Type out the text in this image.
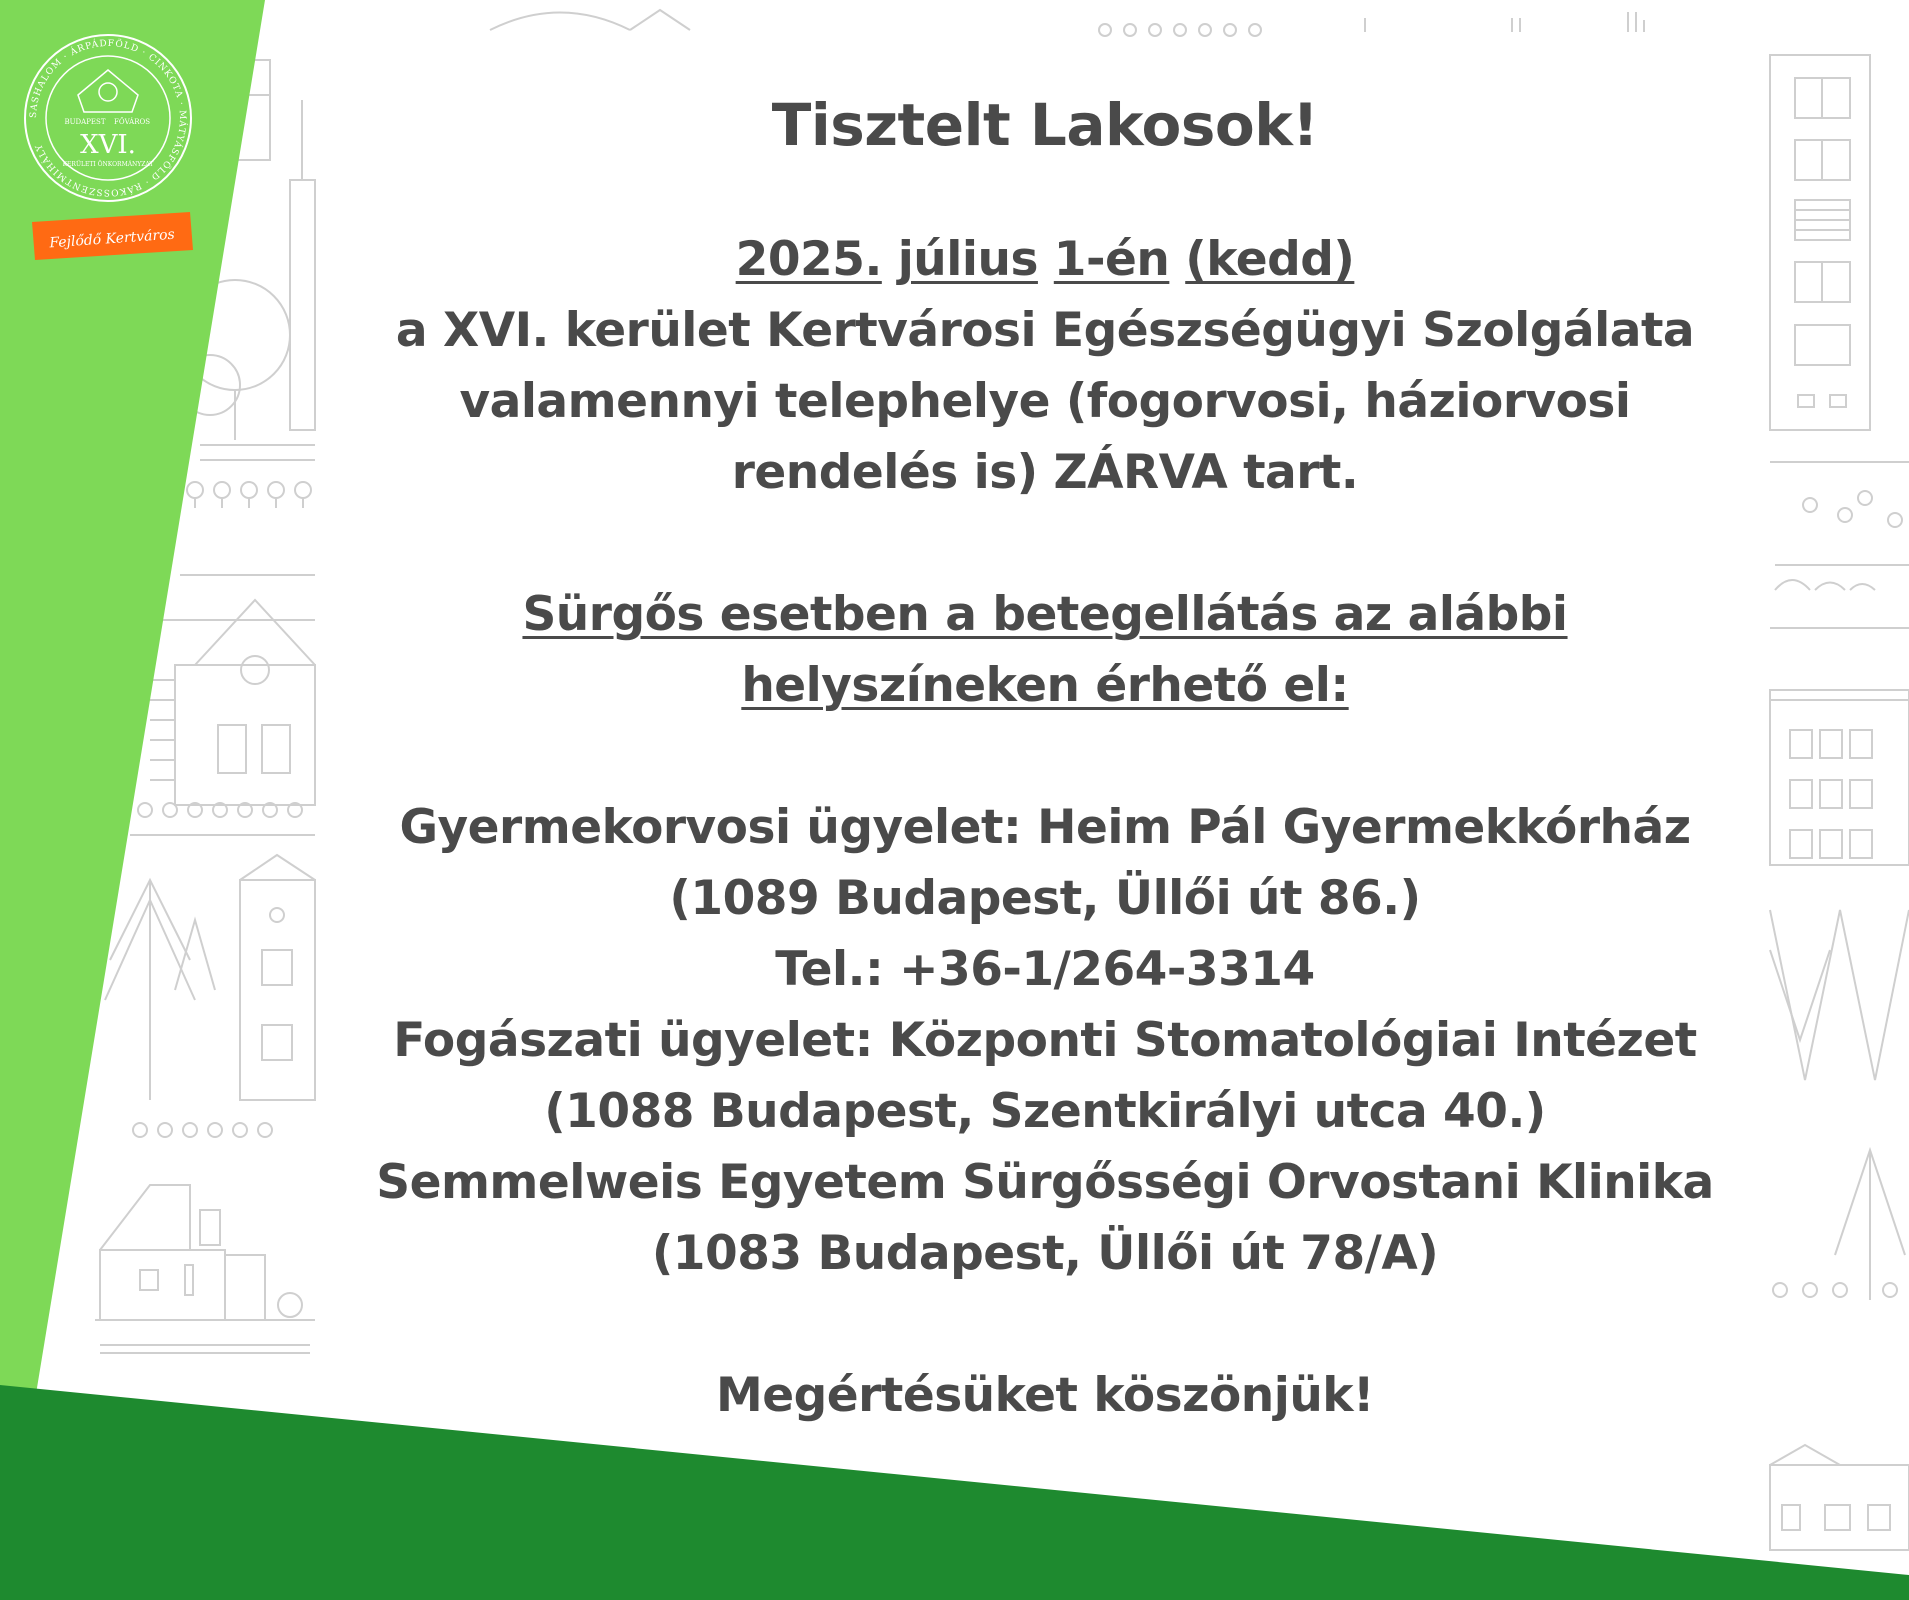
SASHALOM · ÁRPÁDFÖLD · CINKOTA · MÁTYÁSFÖLD · RÁKOSSZENTMIHÁLY
BUDAPEST FŐVÁROS
XVI.
KERÜLETI ÖNKORMÁNYZAT
Fejlődő Kertváros
Tisztelt Lakosok!
2025. július 1-én (kedd)
a XVI. kerület Kertvárosi Egészségügyi Szolgálata
valamennyi telephelye (fogorvosi, háziorvosi
rendelés is) ZÁRVA tart.
Sürgős esetben a betegellátás az alábbi
helyszíneken érhető el:
Gyermekorvosi ügyelet: Heim Pál Gyermekkórház
(1089 Budapest, Üllői út 86.)
Tel.: +36-1/264-3314
Fogászati ügyelet: Központi Stomatológiai Intézet
(1088 Budapest, Szentkirályi utca 40.)
Semmelweis Egyetem Sürgősségi Orvostani Klinika
(1083 Budapest, Üllői út 78/A)
Megértésüket köszönjük!
